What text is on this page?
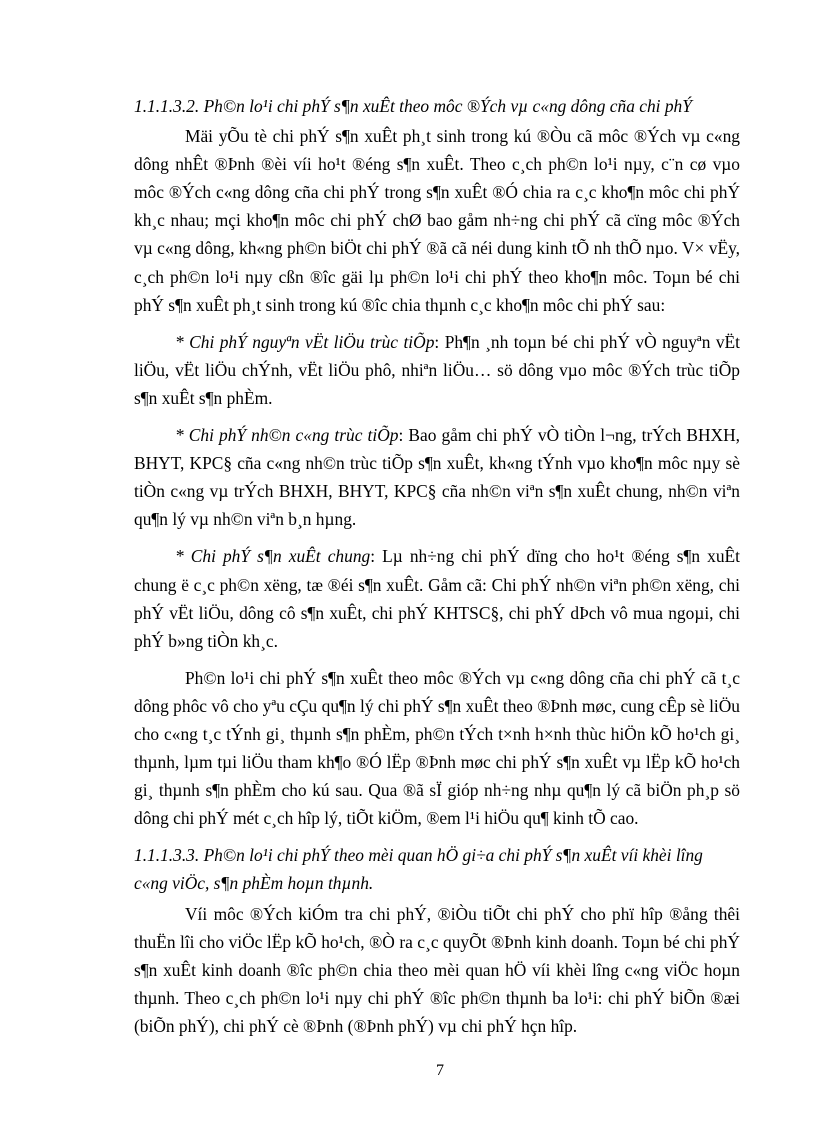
1.1.1.3.2. Ph©n lo¹i chi phÝ s¶n xuÊt theo môc ®Ých vµ c«ng dông cña chi phÝ

Mäi yÕu tè chi phÝ s¶n xuÊt ph¸t sinh trong kú ®Òu cã môc ®Ých vµ c«ng dông nhÊt ®Þnh ®èi víi ho¹t ®éng s¶n xuÊt. Theo c¸ch ph©n lo¹i nµy, c¨n cø vµo môc ®Ých c«ng dông cña chi phÝ trong s¶n xuÊt ®Ó chia ra c¸c kho¶n môc chi phÝ kh¸c nhau; mçi kho¶n môc chi phÝ chØ bao gåm nh÷ng chi phÝ cã cïng môc ®Ých vµ c«ng dông, kh«ng ph©n biÖt chi phÝ ®ã cã néi dung kinh tÕ nh thÕ nµo. V× vËy, c¸ch ph©n lo¹i nµy cßn ®îc gäi lµ ph©n lo¹i chi phÝ theo kho¶n môc. Toµn bé chi phÝ s¶n xuÊt ph¸t sinh trong kú ®îc chia thµnh c¸c kho¶n môc chi phÝ sau:

* Chi phÝ nguyªn vËt liÖu trùc tiÕp: Ph¶n ¸nh toµn bé chi phÝ vÒ nguyªn vËt liÖu, vËt liÖu chÝnh, vËt liÖu phô, nhiªn liÖu… sö dông vµo môc ®Ých trùc tiÕp s¶n xuÊt s¶n phÈm.

* Chi phÝ nh©n c«ng trùc tiÕp: Bao gåm chi phÝ vÒ tiÒn l¬ng, trÝch BHXH, BHYT, KPC§ cña c«ng nh©n trùc tiÕp s¶n xuÊt, kh«ng tÝnh vµo kho¶n môc nµy sè tiÒn c«ng vµ trÝch BHXH, BHYT, KPC§ cña nh©n viªn s¶n xuÊt chung, nh©n viªn qu¶n lý vµ nh©n viªn b¸n hµng.

* Chi phÝ s¶n xuÊt chung: Lµ nh÷ng chi phÝ dïng cho ho¹t ®éng s¶n xuÊt chung ë c¸c ph©n xëng, tæ ®éi s¶n xuÊt. Gåm cã: Chi phÝ nh©n viªn ph©n xëng, chi phÝ vËt liÖu, dông cô s¶n xuÊt, chi phÝ KHTSC§, chi phÝ dÞch vô mua ngoµi, chi phÝ b»ng tiÒn kh¸c.

Ph©n lo¹i chi phÝ s¶n xuÊt theo môc ®Ých vµ c«ng dông cña chi phÝ cã t¸c dông phôc vô cho yªu cÇu qu¶n lý chi phÝ s¶n xuÊt theo ®Þnh møc, cung cÊp sè liÖu cho c«ng t¸c tÝnh gi¸ thµnh s¶n phÈm, ph©n tÝch t×nh h×nh thùc hiÖn kÕ ho¹ch gi¸ thµnh, lµm tµi liÖu tham kh¶o ®Ó lËp ®Þnh møc chi phÝ s¶n xuÊt vµ lËp kÕ ho¹ch gi¸ thµnh s¶n phÈm cho kú sau. Qua ®ã sÏ gióp nh÷ng nhµ qu¶n lý cã biÖn ph¸p sö dông chi phÝ mét c¸ch hîp lý, tiÕt kiÖm, ®em l¹i hiÖu qu¶ kinh tÕ cao.

1.1.1.3.3. Ph©n lo¹i chi phÝ theo mèi quan hÖ gi÷a chi phÝ s¶n xuÊt víi khèi lîng c«ng viÖc, s¶n phÈm hoµn thµnh.

Víi môc ®Ých kiÓm tra chi phÝ, ®iÒu tiÕt chi phÝ cho phï hîp ®ång thêi thuËn lîi cho viÖc lËp kÕ ho¹ch, ®Ò ra c¸c quyÕt ®Þnh kinh doanh. Toµn bé chi phÝ s¶n xuÊt kinh doanh ®îc ph©n chia theo mèi quan hÖ víi khèi lîng c«ng viÖc hoµn thµnh. Theo c¸ch ph©n lo¹i nµy chi phÝ ®îc ph©n thµnh ba lo¹i: chi phÝ biÕn ®æi (biÕn phÝ), chi phÝ cè ®Þnh (®Þnh phÝ) vµ chi phÝ hçn hîp.

7
